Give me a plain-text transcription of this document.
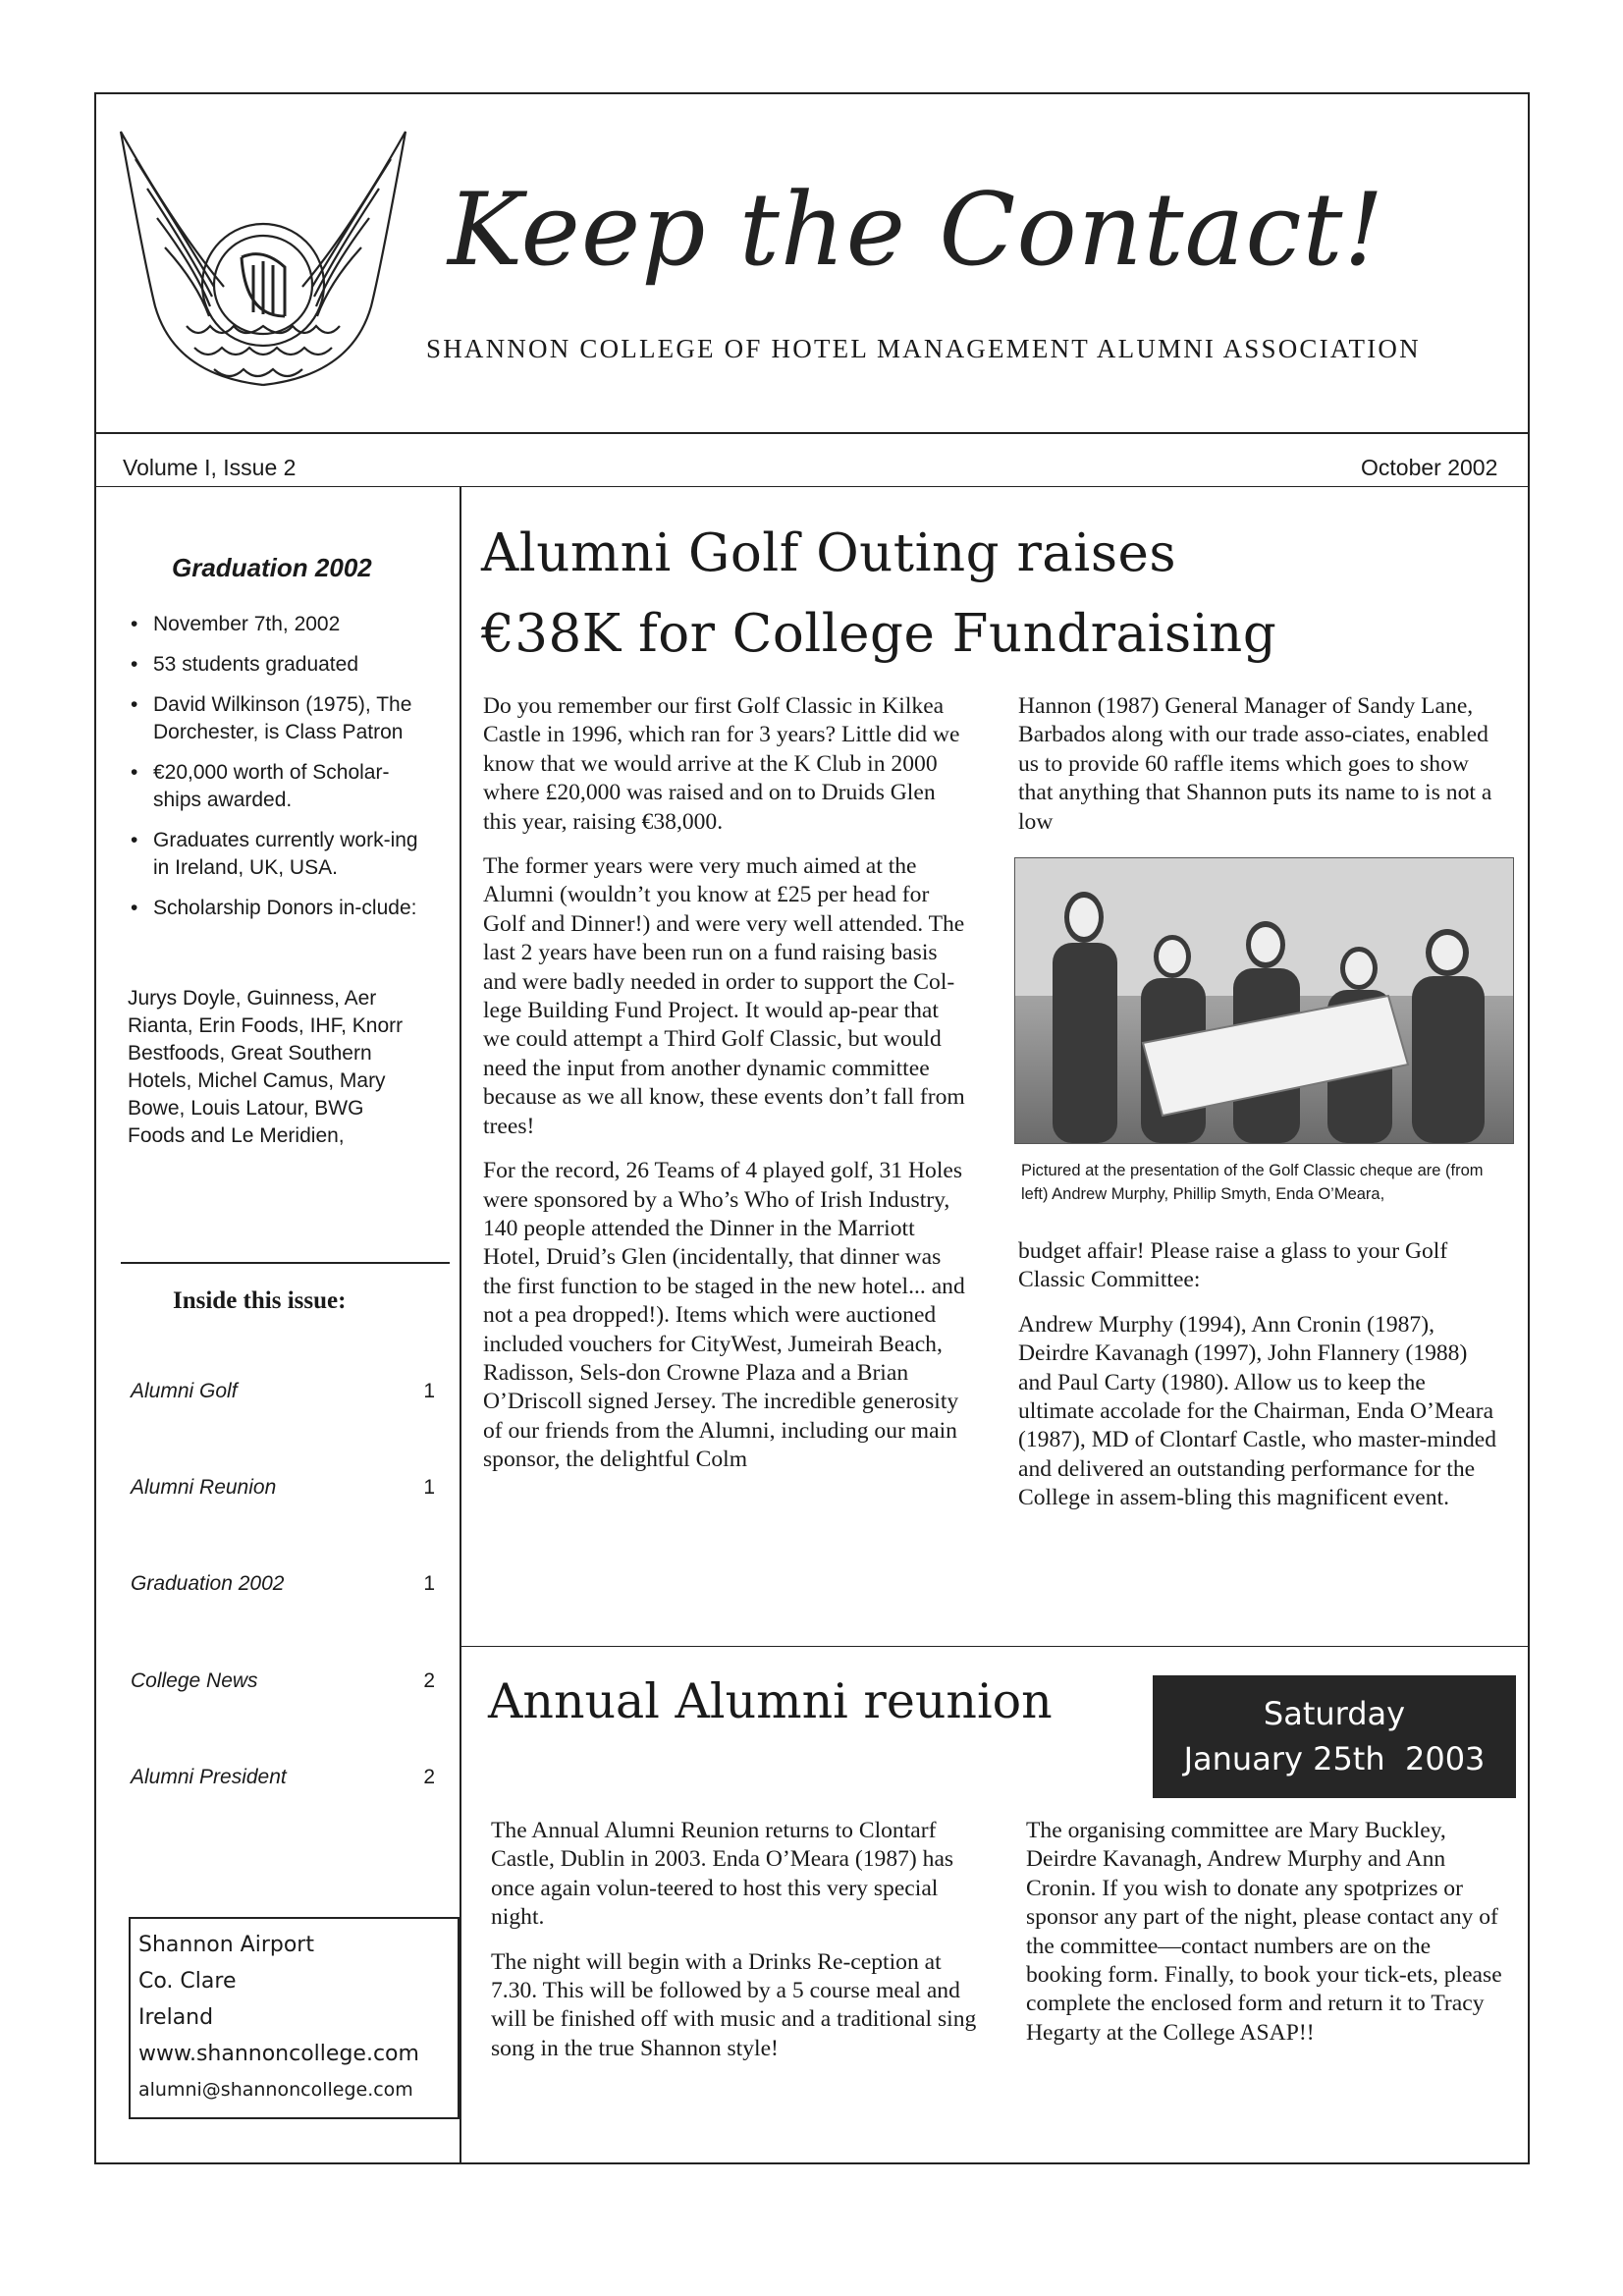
Keep the Contact!
SHANNON COLLEGE OF HOTEL MANAGEMENT ALUMNI ASSOCIATION
Volume I, Issue 2	October 2002
Graduation 2002
• November 7th, 2002
• 53 students graduated
• David Wilkinson (1975), The Dorchester, is Class Patron
• €20,000 worth of Scholar-ships awarded.
• Graduates currently work-ing in Ireland, UK, USA.
• Scholarship Donors in-clude:
Jurys Doyle, Guinness, Aer Rianta, Erin Foods, IHF, Knorr Bestfoods, Great Southern Hotels, Michel Camus, Mary Bowe, Louis Latour, BWG Foods and Le Meridien,
Inside this issue:
Alumni Golf	1
Alumni Reunion	1
Graduation 2002	1
College News	2
Alumni President	2
Shannon Airport
Co. Clare
Ireland
www.shannoncollege.com
alumni@shannoncollege.com
Alumni Golf Outing raises
€38K for College Fundraising

Do you remember our first Golf Classic in Kilkea Castle in 1996, which ran for 3 years? Little did we know that we would arrive at the K Club in 2000 where £20,000 was raised and on to Druids Glen this year, raising €38,000.

The former years were very much aimed at the Alumni (wouldn’t you know at £25 per head for Golf and Dinner!) and were very well attended. The last 2 years have been run on a fund raising basis and were badly needed in order to support the Col-lege Building Fund Project. It would ap-pear that we could attempt a Third Golf Classic, but would need the input from another dynamic committee because as we all know, these events don’t fall from trees!

For the record, 26 Teams of 4 played golf, 31 Holes were sponsored by a Who’s Who of Irish Industry, 140 people attended the Dinner in the Marriott Hotel, Druid’s Glen (incidentally, that dinner was the first function to be staged in the new hotel... and not a pea dropped!). Items which were auctioned included vouchers for CityWest, Jumeirah Beach, Radisson, Sels-don Crowne Plaza and a Brian O’Driscoll signed Jersey. The incredible generosity of our friends from the Alumni, including our main sponsor, the delightful Colm

Hannon (1987) General Manager of Sandy Lane, Barbados along with our trade asso-ciates, enabled us to provide 60 raffle items which goes to show that anything that Shannon puts its name to is not a low

Pictured at the presentation of the Golf Classic cheque are (from left) Andrew Murphy, Phillip Smyth, Enda O’Meara,

budget affair! Please raise a glass to your Golf Classic Committee:

Andrew Murphy (1994), Ann Cronin (1987), Deirdre Kavanagh (1997), John Flannery (1988) and Paul Carty (1980). Allow us to keep the ultimate accolade for the Chairman, Enda O’Meara (1987), MD of Clontarf Castle, who master-minded and delivered an outstanding performance for the College in assem-bling this magnificent event.

Annual Alumni reunion	Saturday
January 25th  2003

The Annual Alumni Reunion returns to Clontarf Castle, Dublin in 2003. Enda O’Meara (1987) has once again volun-teered to host this very special night.

The night will begin with a Drinks Re-ception at 7.30. This will be followed by a 5 course meal and will be finished off with music and a traditional sing song in the true Shannon style!

The organising committee are Mary Buckley, Deirdre Kavanagh, Andrew Murphy and Ann Cronin. If you wish to donate any spotprizes or sponsor any part of the night, please contact any of the committee—contact numbers are on the booking form. Finally, to book your tick-ets, please complete the enclosed form and return it to Tracy Hegarty at the College ASAP!!
